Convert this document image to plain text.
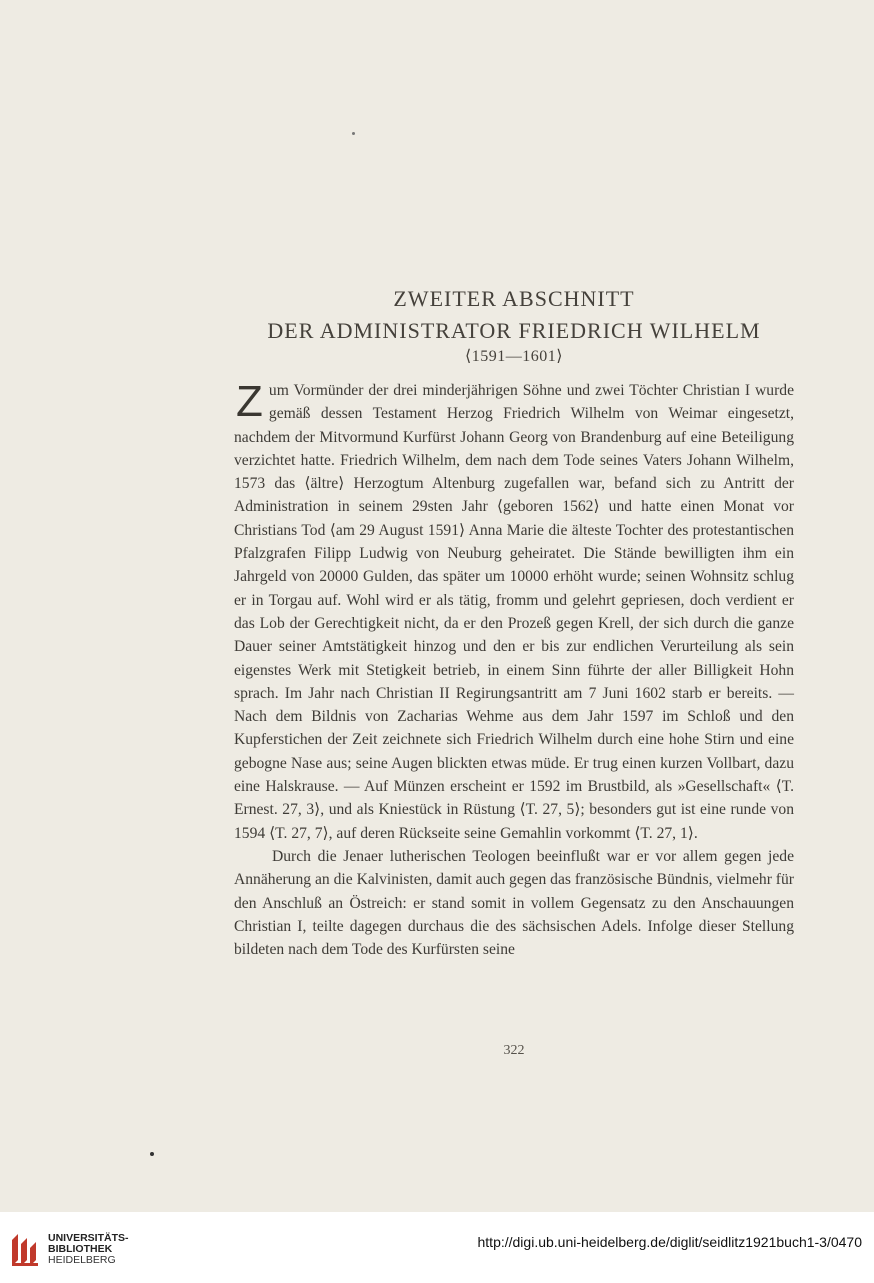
ZWEITER ABSCHNITT
DER ADMINISTRATOR FRIEDRICH WILHELM
⟨1591—1601⟩

Zum Vormünder der drei minderjährigen Söhne und zwei Töchter Christian I wurde gemäß dessen Testament Herzog Friedrich Wilhelm von Weimar eingesetzt, nachdem der Mitvormund Kurfürst Johann Georg von Brandenburg auf eine Beteiligung verzichtet hatte. Friedrich Wilhelm, dem nach dem Tode seines Vaters Johann Wilhelm, 1573 das ⟨ältre⟩ Herzogtum Altenburg zugefallen war, befand sich zu Antritt der Administration in seinem 29sten Jahr ⟨geboren 1562⟩ und hatte einen Monat vor Christians Tod ⟨am 29 August 1591⟩ Anna Marie die älteste Tochter des protestantischen Pfalzgrafen Filipp Ludwig von Neuburg geheiratet. Die Stände bewilligten ihm ein Jahrgeld von 20000 Gulden, das später um 10000 erhöht wurde; seinen Wohnsitz schlug er in Torgau auf. Wohl wird er als tätig, fromm und gelehrt gepriesen, doch verdient er das Lob der Gerechtigkeit nicht, da er den Prozeß gegen Krell, der sich durch die ganze Dauer seiner Amtstätigkeit hinzog und den er bis zur endlichen Verurteilung als sein eigenstes Werk mit Stetigkeit betrieb, in einem Sinn führte der aller Billigkeit Hohn sprach. Im Jahr nach Christian II Regirungsantritt am 7 Juni 1602 starb er bereits. — Nach dem Bildnis von Zacharias Wehme aus dem Jahr 1597 im Schloß und den Kupferstichen der Zeit zeichnete sich Friedrich Wilhelm durch eine hohe Stirn und eine gebogne Nase aus; seine Augen blickten etwas müde. Er trug einen kurzen Vollbart, dazu eine Halskrause. — Auf Münzen erscheint er 1592 im Brustbild, als »Gesellschaft« ⟨T. Ernest. 27, 3⟩, und als Kniestück in Rüstung ⟨T. 27, 5⟩; besonders gut ist eine runde von 1594 ⟨T. 27, 7⟩, auf deren Rückseite seine Gemahlin vorkommt ⟨T. 27, 1⟩.

Durch die Jenaer lutherischen Teologen beeinflußt war er vor allem gegen jede Annäherung an die Kalvinisten, damit auch gegen das französische Bündnis, vielmehr für den Anschluß an Östreich: er stand somit in vollem Gegensatz zu den Anschauungen Christian I, teilte dagegen durchaus die des sächsischen Adels. Infolge dieser Stellung bildeten nach dem Tode des Kurfürsten seine

322
UNIVERSITÄTS-
BIBLIOTHEK
HEIDELBERG
http://digi.ub.uni-heidelberg.de/diglit/seidlitz1921buch1-3/0470
